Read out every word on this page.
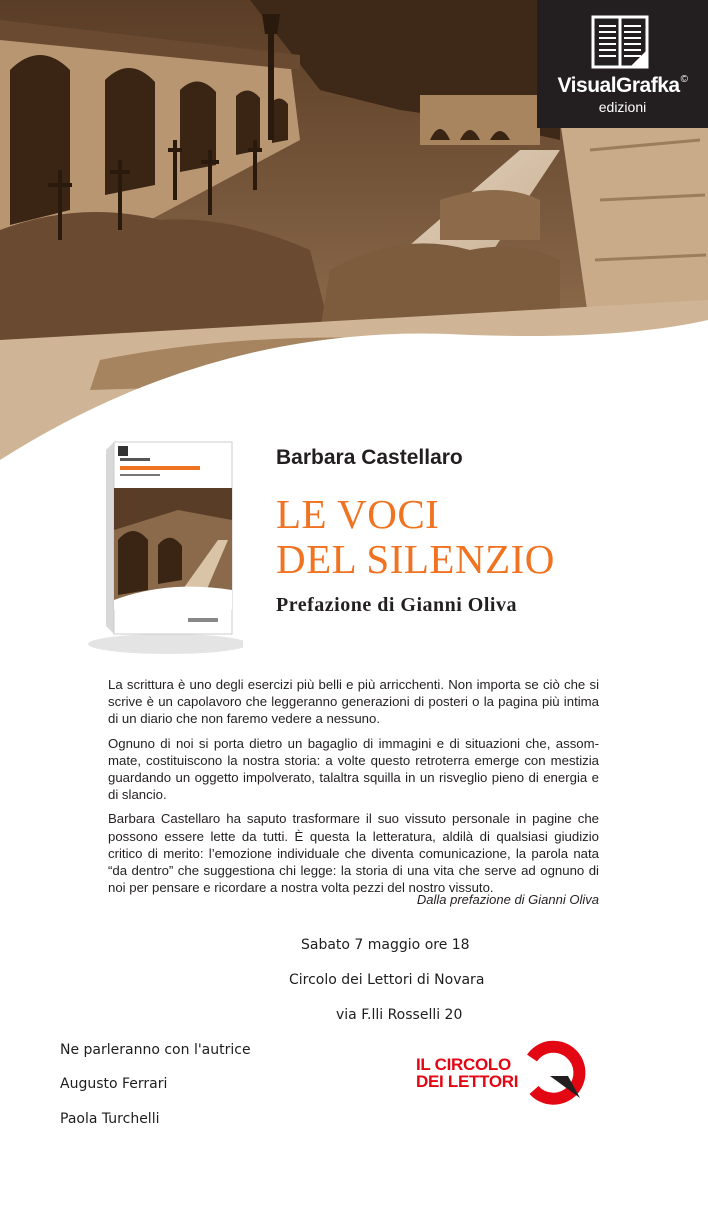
VisualGrafka©
edizioni
Barbara Castellaro
LE VOCI
DEL SILENZIO
Prefazione di Gianni Oliva

La scrittura è uno degli esercizi più belli e più arricchenti. Non importa se ciò che si scrive è un capolavoro che leggeranno generazioni di posteri o la pagina più intima di un diario che non faremo vedere a nessuno.

Ognuno di noi si porta dietro un bagaglio di immagini e di situazioni che, assom-mate, costituiscono la nostra storia: a volte questo retroterra emerge con mestizia guardando un oggetto impolverato, talaltra squilla in un risveglio pieno di energia e di slancio.

Barbara Castellaro ha saputo trasformare il suo vissuto personale in pagine che possono essere lette da tutti. È questa la letteratura, aldilà di qualsiasi giudizio critico di merito: l’emozione individuale che diventa comunicazione, la parola nata “da dentro” che suggestiona chi legge: la storia di una vita che serve ad ognuno di noi per pensare e ricordare a nostra volta pezzi del nostro vissuto.

Dalla prefazione di Gianni Oliva
Sabato 7 maggio ore 18
Circolo dei Lettori di Novara
via F.lli Rosselli 20
Ne parleranno con l'autrice
Augusto Ferrari
Paola Turchelli
IL CIRCOLO
DEI LETTORI
